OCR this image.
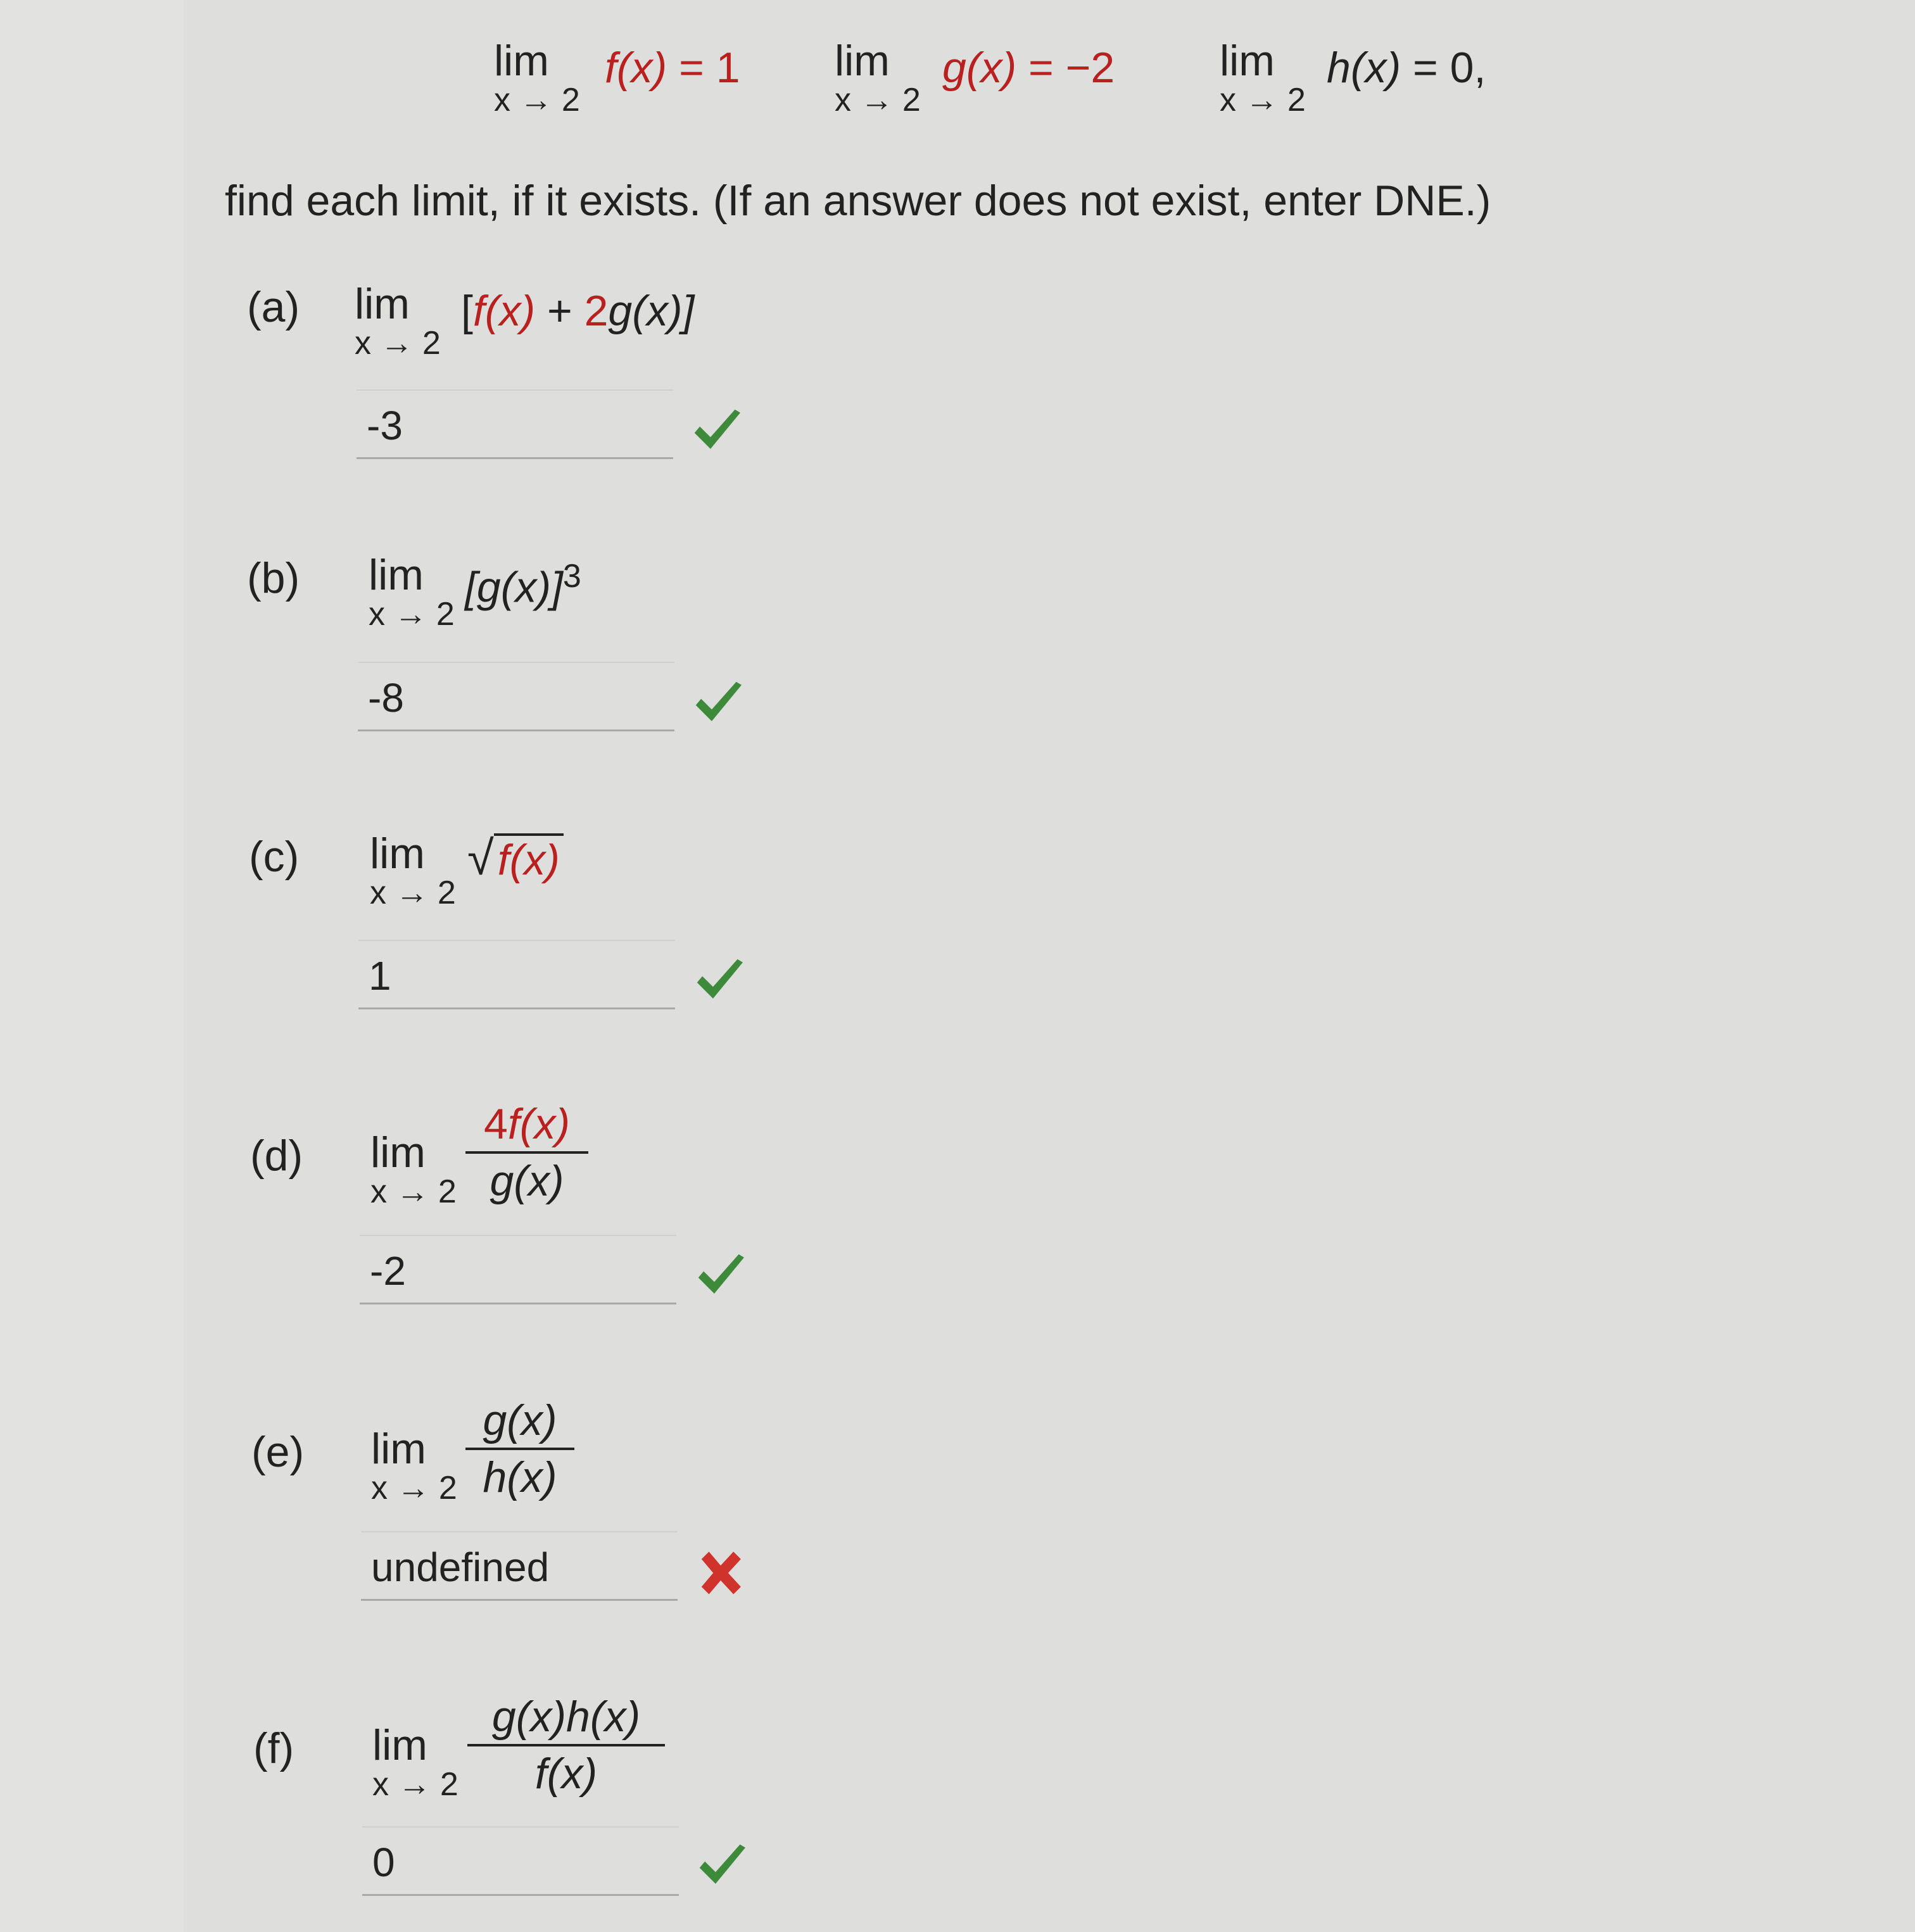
lim
x → 2
f(x) = 1 lim
x → 2
g(x) = −2 lim
x → 2
h(x) = 0,
find each limit, if it exists. (If an answer does not exist, enter DNE.)
(a) lim
x → 2
[f(x) + 2g(x)]
-3
(b) lim
x → 2
$[g(x)]^3$
-8
(c) lim
x → 2
√f(x)
1
(d) lim
x → 2
4f(x)
g(x)
-2
(e) lim
x → 2
g(x)
h(x)
undefined
(f) lim
x → 2
g(x)h(x)
f(x)
0
